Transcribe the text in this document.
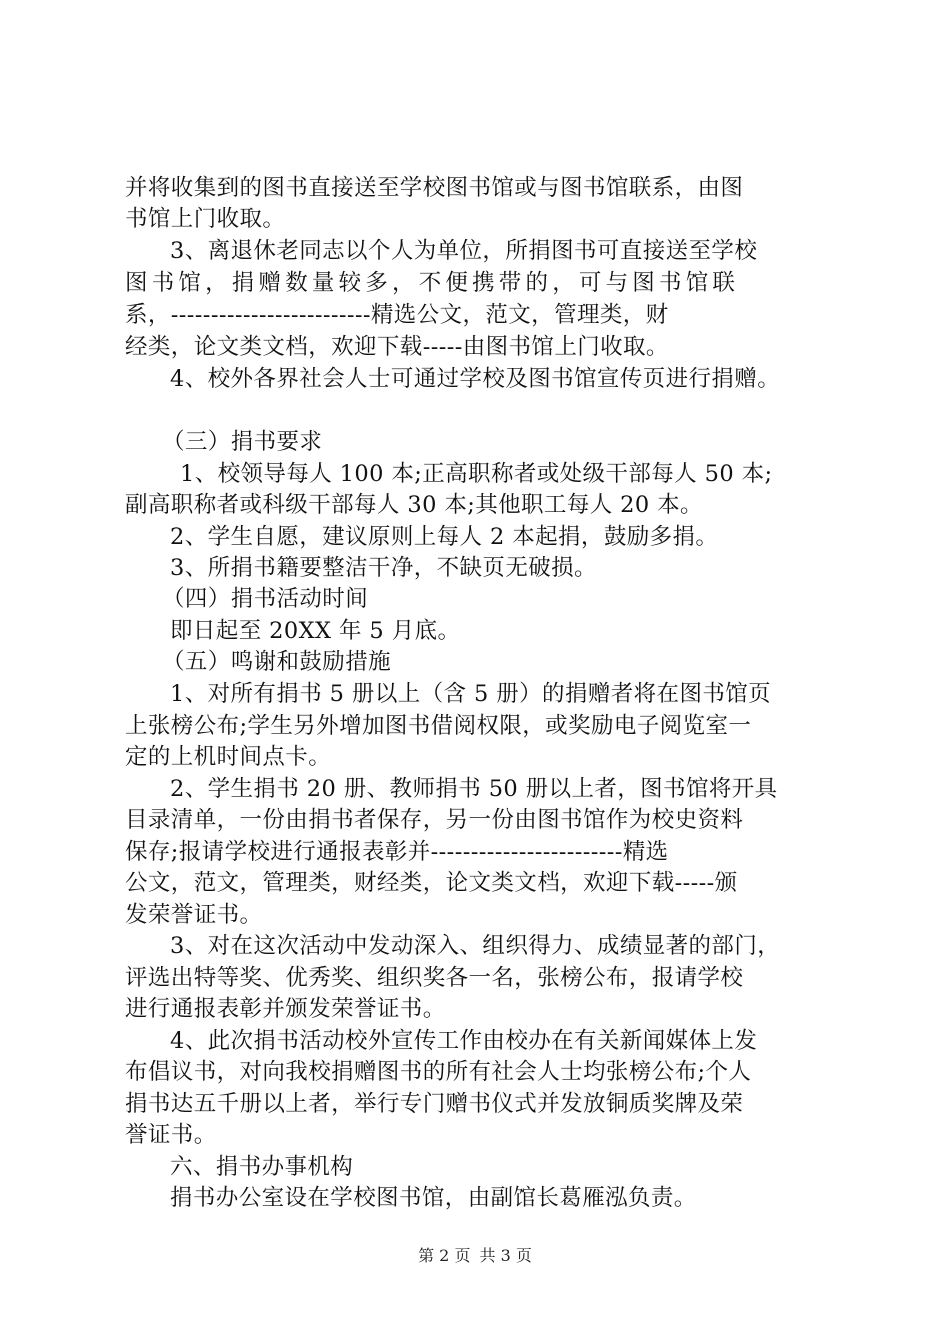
并将收集到的图书直接送至学校图书馆或与图书馆联系，由图
书馆上门收取。
3、离退休老同志以个人为单位，所捐图书可直接送至学校
图书馆，捐赠数量较多，不便携带的，可与图书馆联
系，-------------------------精选公文，范文，管理类，财
经类，论文类文档，欢迎下载-----由图书馆上门收取。
4、校外各界社会人士可通过学校及图书馆宣传页进行捐赠。
（三）捐书要求
1、校领导每人 100 本;正高职称者或处级干部每人 50 本;
副高职称者或科级干部每人 30 本;其他职工每人 20 本。
2、学生自愿，建议原则上每人 2 本起捐，鼓励多捐。
3、所捐书籍要整洁干净，不缺页无破损。
（四）捐书活动时间
即日起至 20XX 年 5 月底。
（五）鸣谢和鼓励措施
1、对所有捐书 5 册以上（含 5 册）的捐赠者将在图书馆页
上张榜公布;学生另外增加图书借阅权限，或奖励电子阅览室一
定的上机时间点卡。
2、学生捐书 20 册、教师捐书 50 册以上者，图书馆将开具
目录清单，一份由捐书者保存，另一份由图书馆作为校史资料
保存;报请学校进行通报表彰并------------------------精选
公文，范文，管理类，财经类，论文类文档，欢迎下载-----颁
发荣誉证书。
3、对在这次活动中发动深入、组织得力、成绩显著的部门，
评选出特等奖、优秀奖、组织奖各一名，张榜公布，报请学校
进行通报表彰并颁发荣誉证书。
4、此次捐书活动校外宣传工作由校办在有关新闻媒体上发
布倡议书，对向我校捐赠图书的所有社会人士均张榜公布;个人
捐书达五千册以上者，举行专门赠书仪式并发放铜质奖牌及荣
誉证书。
六、捐书办事机构
捐书办公室设在学校图书馆，由副馆长葛雁泓负责。
第 2 页 共 3 页
